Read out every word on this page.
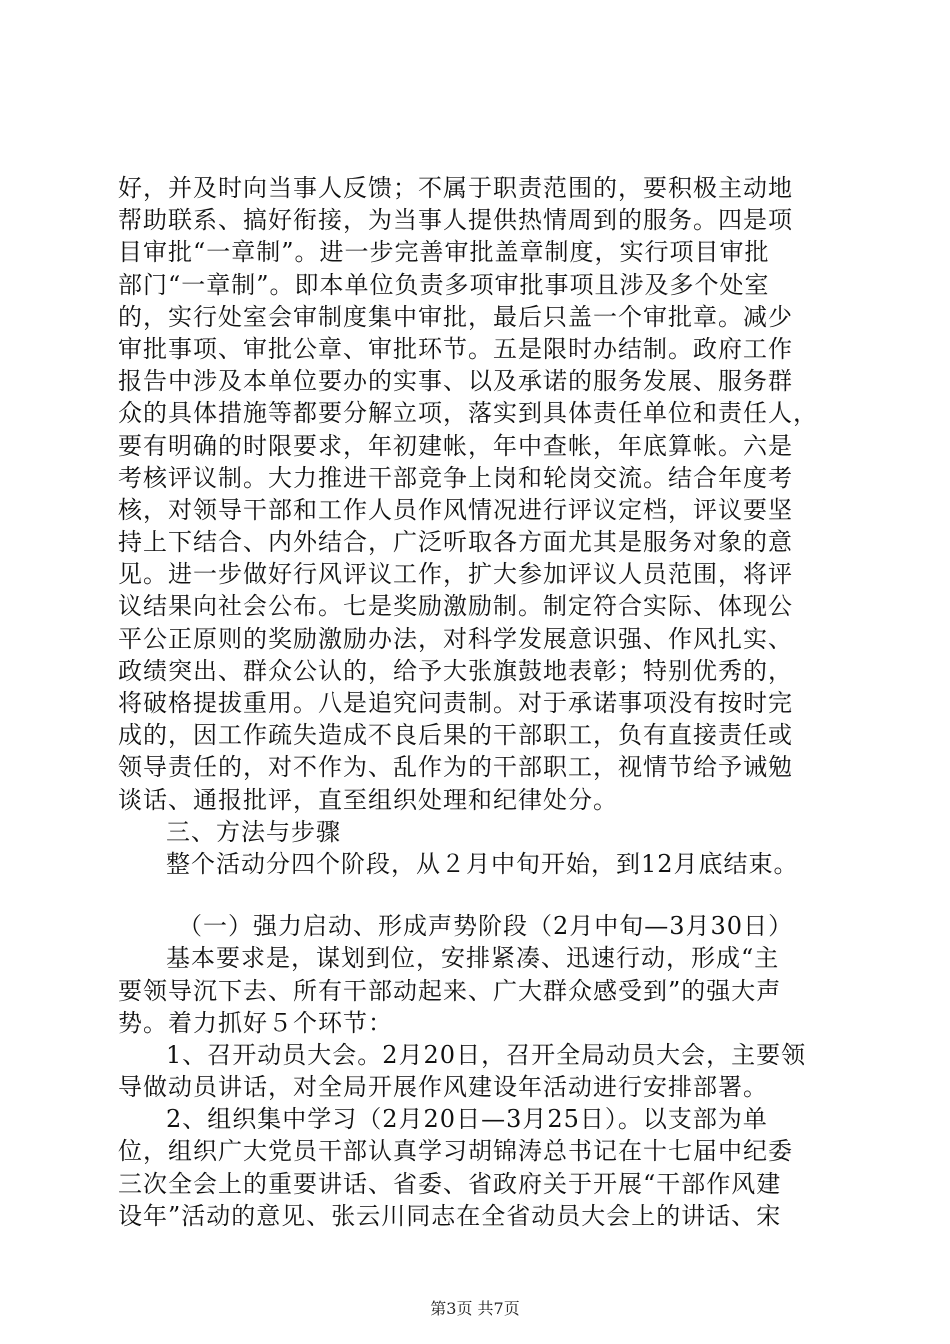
好，并及时向当事人反馈；不属于职责范围的，要积极主动地
帮助联系、搞好衔接，为当事人提供热情周到的服务。四是项
目审批“一章制”。进一步完善审批盖章制度，实行项目审批
部门“一章制”。即本单位负责多项审批事项且涉及多个处室
的，实行处室会审制度集中审批，最后只盖一个审批章。减少
审批事项、审批公章、审批环节。五是限时办结制。政府工作
报告中涉及本单位要办的实事、以及承诺的服务发展、服务群
众的具体措施等都要分解立项，落实到具体责任单位和责任人，
要有明确的时限要求，年初建帐，年中查帐，年底算帐。六是
考核评议制。大力推进干部竞争上岗和轮岗交流。结合年度考
核，对领导干部和工作人员作风情况进行评议定档，评议要坚
持上下结合、内外结合，广泛听取各方面尤其是服务对象的意
见。进一步做好行风评议工作，扩大参加评议人员范围，将评
议结果向社会公布。七是奖励激励制。制定符合实际、体现公
平公正原则的奖励激励办法，对科学发展意识强、作风扎实、
政绩突出、群众公认的，给予大张旗鼓地表彰；特别优秀的，
将破格提拔重用。八是追究问责制。对于承诺事项没有按时完
成的，因工作疏失造成不良后果的干部职工，负有直接责任或
领导责任的，对不作为、乱作为的干部职工，视情节给予诫勉
谈话、通报批评，直至组织处理和纪律处分。
三、方法与步骤
整个活动分四个阶段，从２月中旬开始，到12月底结束。
（一）强力启动、形成声势阶段（2月中旬—3月30日）
基本要求是，谋划到位，安排紧凑、迅速行动，形成“主
要领导沉下去、所有干部动起来、广大群众感受到”的强大声
势。着力抓好５个环节：
1、召开动员大会。2月20日，召开全局动员大会，主要领
导做动员讲话，对全局开展作风建设年活动进行安排部署。
2、组织集中学习（2月20日—3月25日）。以支部为单
位，组织广大党员干部认真学习胡锦涛总书记在十七届中纪委
三次全会上的重要讲话、省委、省政府关于开展“干部作风建
设年”活动的意见、张云川同志在全省动员大会上的讲话、宋
第3页 共7页
